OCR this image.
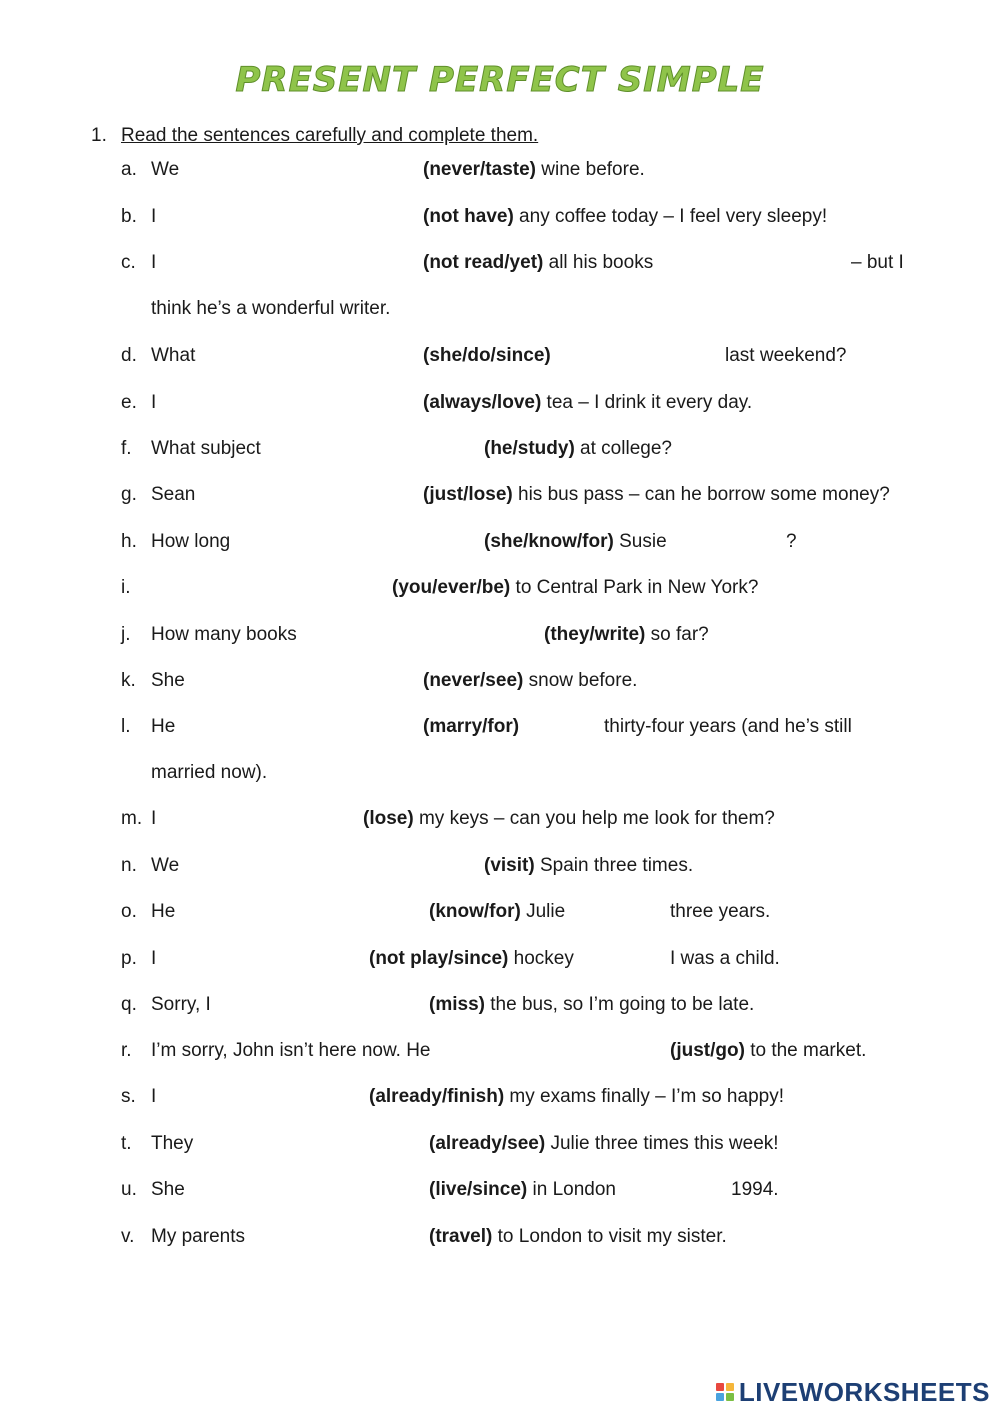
PRESENT PERFECT SIMPLE
1. Read the sentences carefully and complete them.
a. We	(never/taste) wine before.
b. I	(not have) any coffee today – I feel very sleepy!
c. I	(not read/yet) all his books	– but I
think he’s a wonderful writer.
d. What	(she/do/since)	last weekend?
e. I	(always/love) tea – I drink it every day.
f. What subject	(he/study) at college?
g. Sean	(just/lose) his bus pass – can he borrow some money?
h. How long	(she/know/for) Susie	?
i.	(you/ever/be) to Central Park in New York?
j. How many books	(they/write) so far?
k. She	(never/see) snow before.
l. He	(marry/for)	thirty-four years (and he’s still
married now).
m. I	(lose) my keys – can you help me look for them?
n. We	(visit) Spain three times.
o. He	(know/for) Julie	three years.
p. I	(not play/since) hockey	I was a child.
q. Sorry, I	(miss) the bus, so I’m going to be late.
r. I’m sorry, John isn’t here now. He	(just/go) to the market.
s. I	(already/finish) my exams finally – I’m so happy!
t. They	(already/see) Julie three times this week!
u. She	(live/since) in London	1994.
v. My parents	(travel) to London to visit my sister.
LIVEWORKSHEETS
